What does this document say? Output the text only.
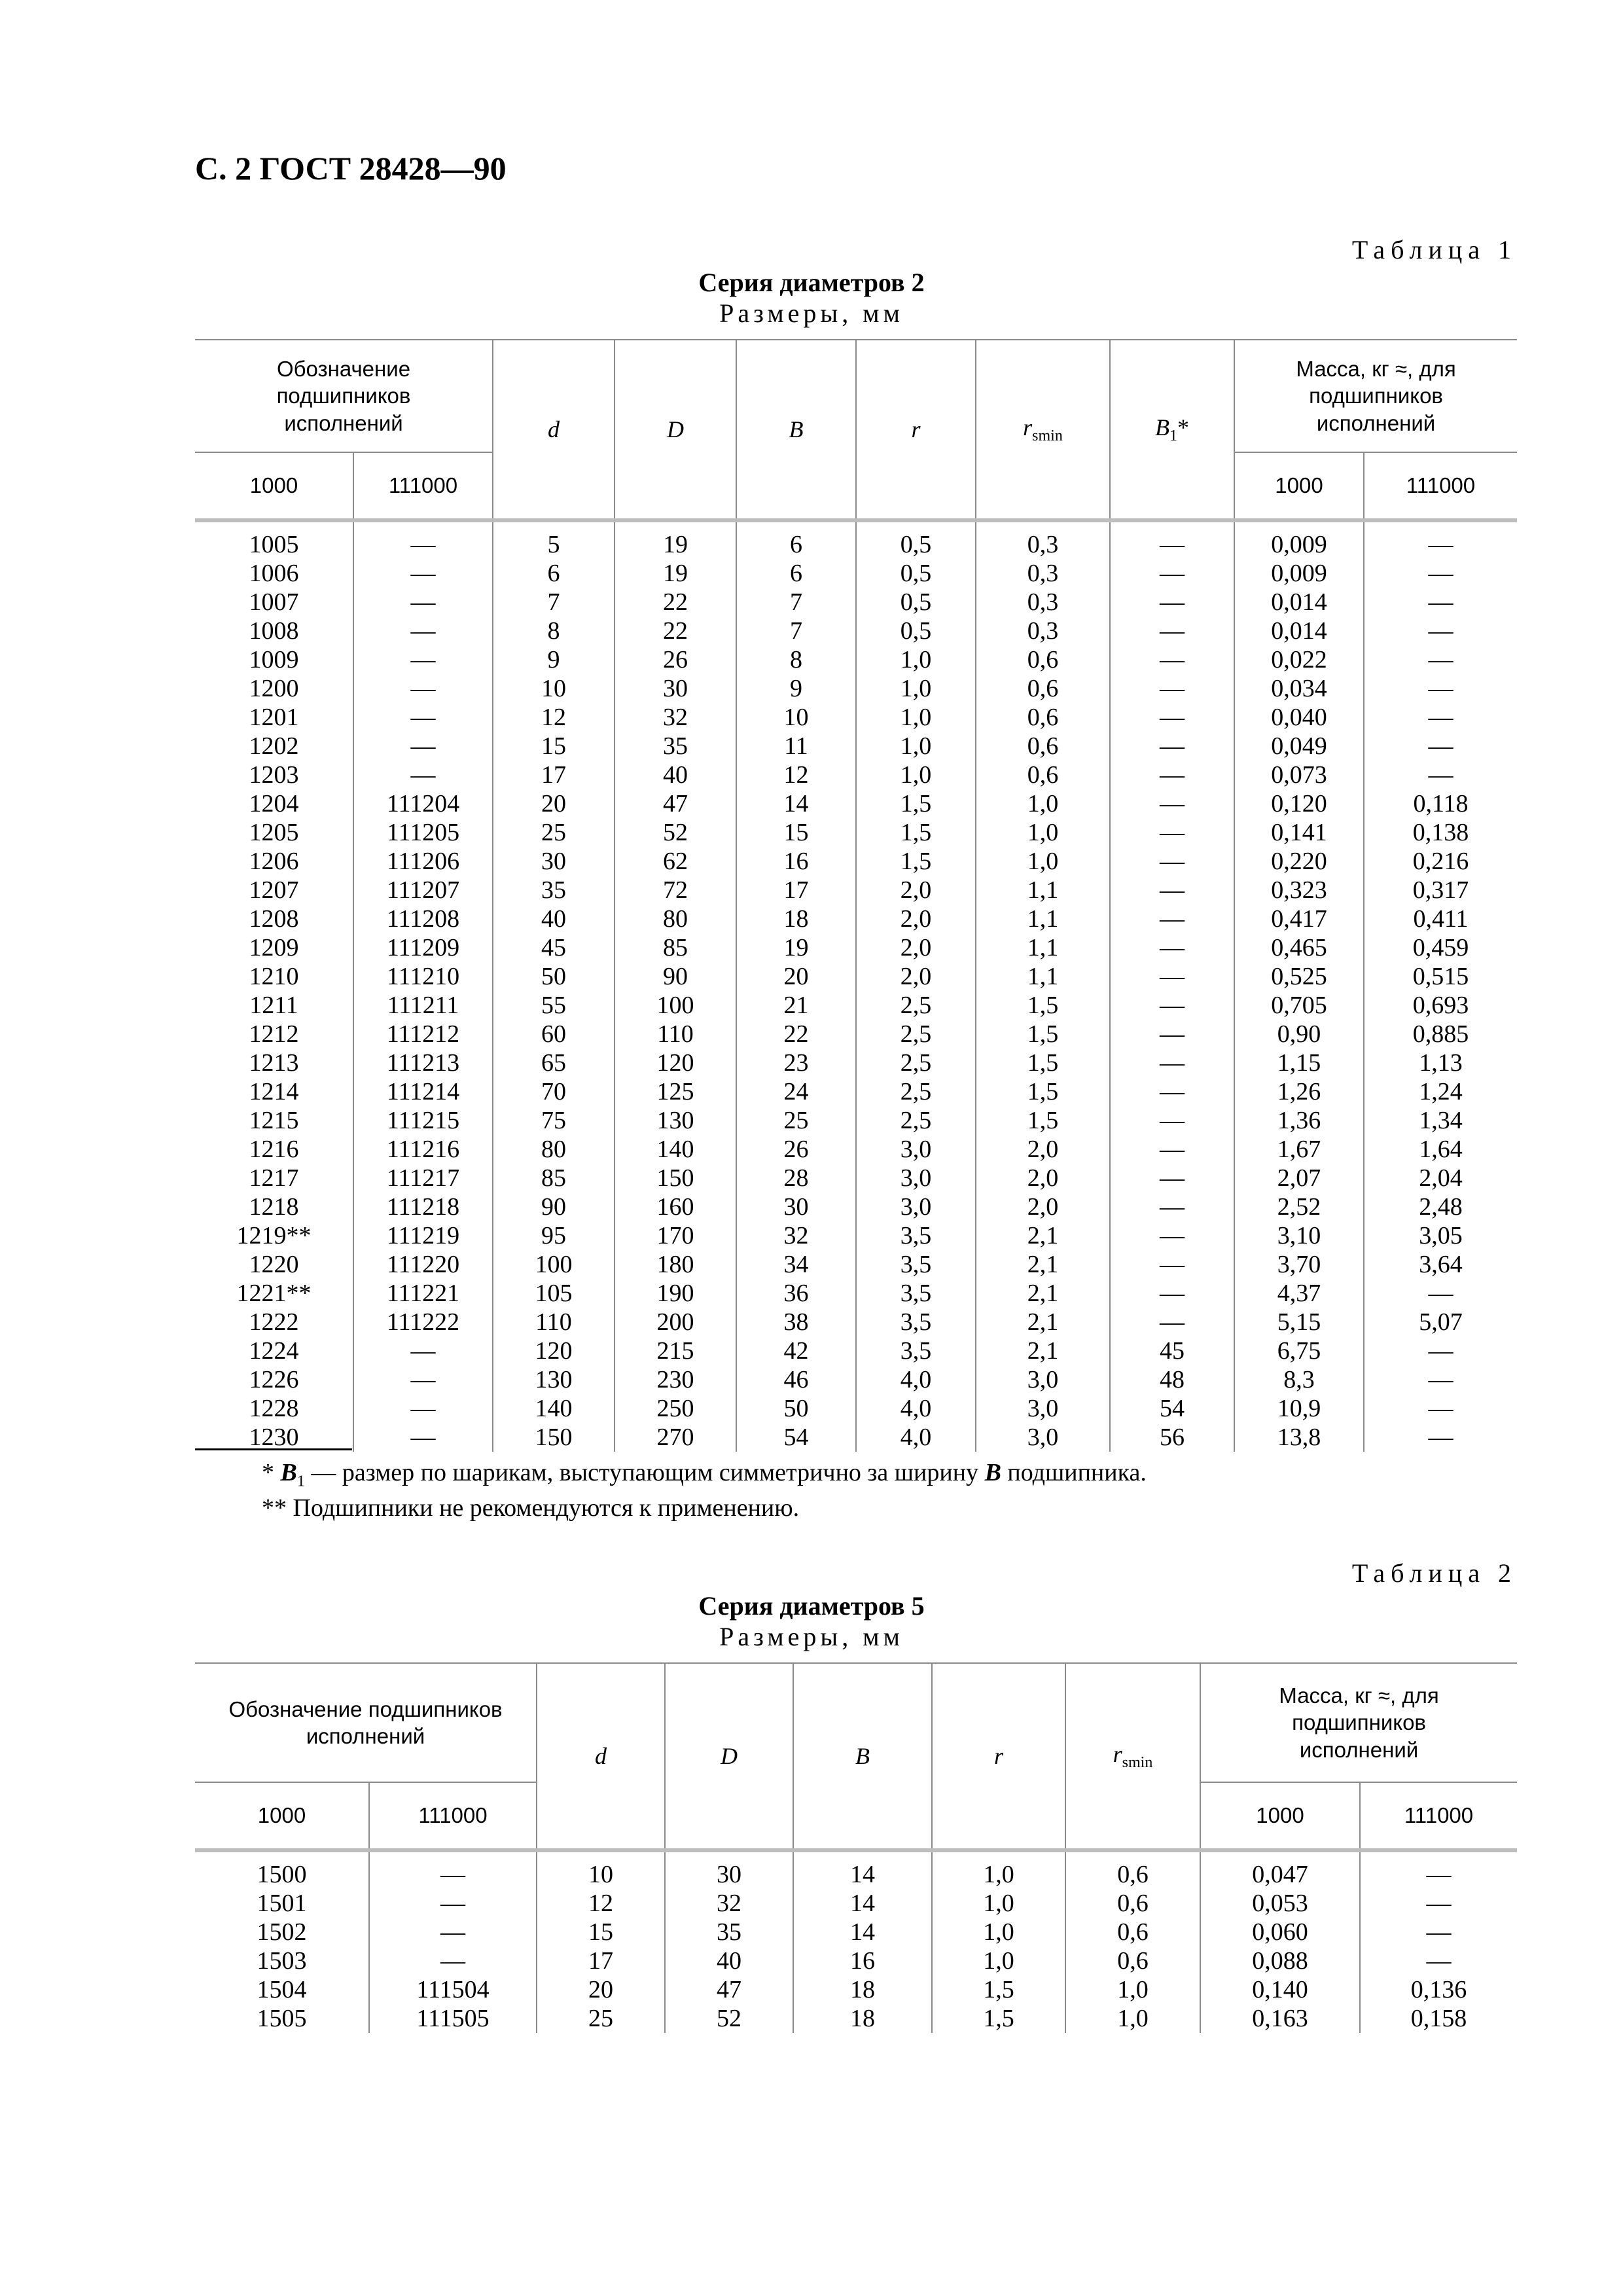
С. 2 ГОСТ 28428—90
Таблица 1
Серия диаметров 2
Размеры, мм
Обозначение подшипников исполнений		d	D	B	r	$r_{smin}$	$B_1*$	Масса, кг ≈, для подшипников исполнений	
1000	111000							1000	111000
1005	—	5	19	6	0,5	0,3	—	0,009	—
1006	—	6	19	6	0,5	0,3	—	0,009	—
1007	—	7	22	7	0,5	0,3	—	0,014	—
1008	—	8	22	7	0,5	0,3	—	0,014	—
1009	—	9	26	8	1,0	0,6	—	0,022	—
1200	—	10	30	9	1,0	0,6	—	0,034	—
1201	—	12	32	10	1,0	0,6	—	0,040	—
1202	—	15	35	11	1,0	0,6	—	0,049	—
1203	—	17	40	12	1,0	0,6	—	0,073	—
1204	111204	20	47	14	1,5	1,0	—	0,120	0,118
1205	111205	25	52	15	1,5	1,0	—	0,141	0,138
1206	111206	30	62	16	1,5	1,0	—	0,220	0,216
1207	111207	35	72	17	2,0	1,1	—	0,323	0,317
1208	111208	40	80	18	2,0	1,1	—	0,417	0,411
1209	111209	45	85	19	2,0	1,1	—	0,465	0,459
1210	111210	50	90	20	2,0	1,1	—	0,525	0,515
1211	111211	55	100	21	2,5	1,5	—	0,705	0,693
1212	111212	60	110	22	2,5	1,5	—	0,90	0,885
1213	111213	65	120	23	2,5	1,5	—	1,15	1,13
1214	111214	70	125	24	2,5	1,5	—	1,26	1,24
1215	111215	75	130	25	2,5	1,5	—	1,36	1,34
1216	111216	80	140	26	3,0	2,0	—	1,67	1,64
1217	111217	85	150	28	3,0	2,0	—	2,07	2,04
1218	111218	90	160	30	3,0	2,0	—	2,52	2,48
1219**	111219	95	170	32	3,5	2,1	—	3,10	3,05
1220	111220	100	180	34	3,5	2,1	—	3,70	3,64
1221**	111221	105	190	36	3,5	2,1	—	4,37	—
1222	111222	110	200	38	3,5	2,1	—	5,15	5,07
1224	—	120	215	42	3,5	2,1	45	6,75	—
1226	—	130	230	46	4,0	3,0	48	8,3	—
1228	—	140	250	50	4,0	3,0	54	10,9	—
1230	—	150	270	54	4,0	3,0	56	13,8	—
* $B_1$ — размер по шарикам, выступающим симметрично за ширину B подшипника.
** Подшипники не рекомендуются к применению.
Таблица 2
Серия диаметров 5
Размеры, мм
Обозначение подшипников исполнений		d	D	B	r	$r_{smin}$	Масса, кг ≈, для подшипников исполнений	
1000	111000						1000	111000
1500	—	10	30	14	1,0	0,6	0,047	—
1501	—	12	32	14	1,0	0,6	0,053	—
1502	—	15	35	14	1,0	0,6	0,060	—
1503	—	17	40	16	1,0	0,6	0,088	—
1504	111504	20	47	18	1,5	1,0	0,140	0,136
1505	111505	25	52	18	1,5	1,0	0,163	0,158
